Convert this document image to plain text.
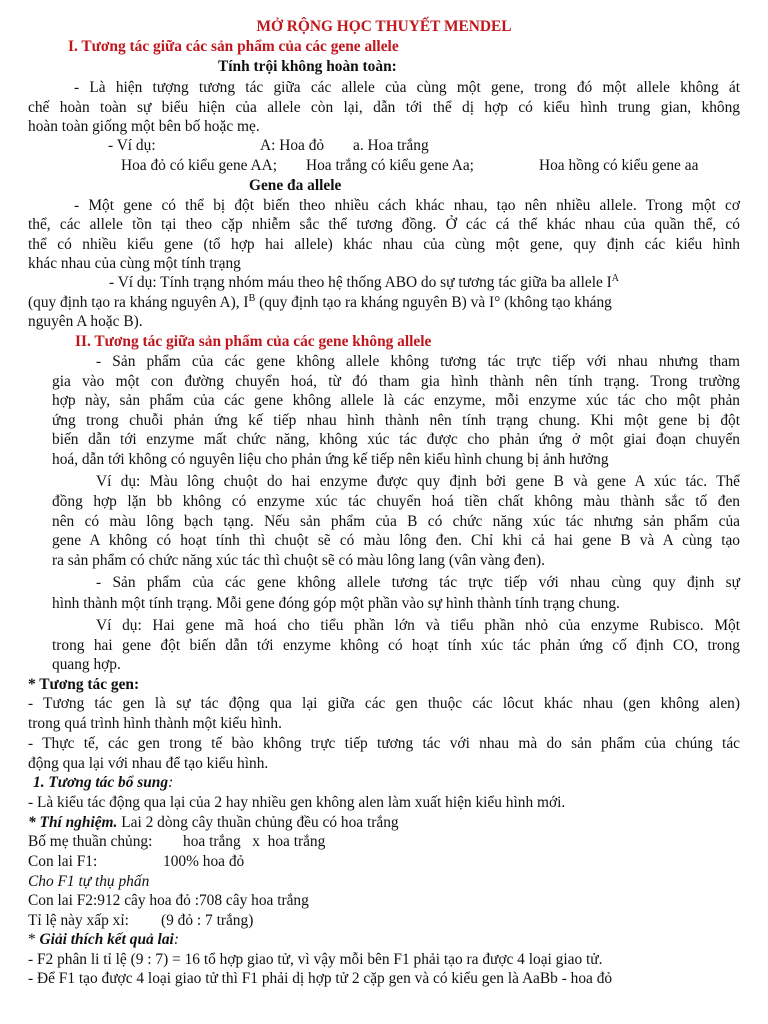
MỞ RỘNG HỌC THUYẾT MENDEL
I. Tương tác giữa các sản phẩm của các gene allele
Tính trội không hoàn toàn:
- Là hiện tượng tương tác giữa các allele của cùng một gene, trong đó một allele không át
chế hoàn toàn sự biểu hiện của allele còn lại, dẫn tới thể dị hợp có kiểu hình trung gian, không
hoàn toàn giống một bên bố hoặc mẹ.
- Ví dụ:	A: Hoa đỏ a. Hoa trắng
Hoa đỏ có kiểu gene AA; Hoa trắng có kiểu gene Aa;	Hoa hồng có kiểu gene aa
Gene đa allele
- Một gene có thể bị đột biến theo nhiều cách khác nhau, tạo nên nhiều allele. Trong một cơ
thể, các allele tồn tại theo cặp nhiễm sắc thể tương đồng. Ở các cá thể khác nhau của quần thể, có
thể có nhiều kiểu gene (tổ hợp hai allele) khác nhau của cùng một gene, quy định các kiểu hình
khác nhau của cùng một tính trạng
- Ví dụ: Tính trạng nhóm máu theo hệ thống ABO do sự tương tác giữa ba allele $I^A$
(quy định tạo ra kháng nguyên A), $I^B$ (quy định tạo ra kháng nguyên B) và I° (không tạo kháng
nguyên A hoặc B).
II. Tương tác giữa sản phẩm của các gene không allele
- Sản phẩm của các gene không allele không tương tác trực tiếp với nhau nhưng tham
gia vào một con đường chuyển hoá, từ đó tham gia hình thành nên tính trạng. Trong trường
hợp này, sản phẩm của các gene không allele là các enzyme, mỗi enzyme xúc tác cho một phản
ứng trong chuỗi phản ứng kế tiếp nhau hình thành nên tính trạng chung. Khi một gene bị đột
biến dẫn tới enzyme mất chức năng, không xúc tác được cho phản ứng ở một giai đoạn chuyển
hoá, dẫn tới không có nguyên liệu cho phản ứng kế tiếp nên kiểu hình chung bị ảnh hưởng
Ví dụ: Màu lông chuột do hai enzyme được quy định bởi gene B và gene A xúc tác. Thể
đồng hợp lặn bb không có enzyme xúc tác chuyển hoá tiền chất không màu thành sắc tố đen
nên có màu lông bạch tạng. Nếu sản phẩm của B có chức năng xúc tác nhưng sản phẩm của
gene A không có hoạt tính thì chuột sẽ có màu lông đen. Chỉ khi cả hai gene B và A cùng tạo
ra sản phẩm có chức năng xúc tác thì chuột sẽ có màu lông lang (vân vàng đen).
- Sản phẩm của các gene không allele tương tác trực tiếp với nhau cùng quy định sự
hình thành một tính trạng. Mỗi gene đóng góp một phần vào sự hình thành tính trạng chung.
Ví dụ: Hai gene mã hoá cho tiểu phần lớn và tiểu phần nhỏ của enzyme Rubisco. Một
trong hai gene đột biến dẫn tới enzyme không có hoạt tính xúc tác phản ứng cố định CO, trong
quang hợp.
* Tương tác gen:
- Tương tác gen là sự tác động qua lại giữa các gen thuộc các lôcut khác nhau (gen không alen)
trong quá trình hình thành một kiểu hình.
- Thực tế, các gen trong tế bào không trực tiếp tương tác với nhau mà do sản phẩm của chúng tác
động qua lại với nhau để tạo kiểu hình.
1. Tương tác bổ sung:
- Là kiểu tác động qua lại của 2 hay nhiều gen không alen làm xuất hiện kiểu hình mới.
* Thí nghiệm. Lai 2 dòng cây thuần chủng đều có hoa trắng
Bố mẹ thuần chủng: hoa trắng   x  hoa trắng
Con lai F1:	100% hoa đỏ
Cho F1 tự thụ phấn
Con lai F2:912 cây hoa đỏ :708 cây hoa trắng
Tỉ lệ này xấp xỉ: (9 đỏ : 7 trắng)
* Giải thích kết quả lai:
- F2 phân li tỉ lệ (9 : 7) = 16 tổ hợp giao tử, vì vậy mỗi bên F1 phải tạo ra được 4 loại giao tử.
- Để F1 tạo được 4 loại giao tử thì F1 phải dị hợp tử 2 cặp gen và có kiểu gen là AaBb - hoa đỏ
